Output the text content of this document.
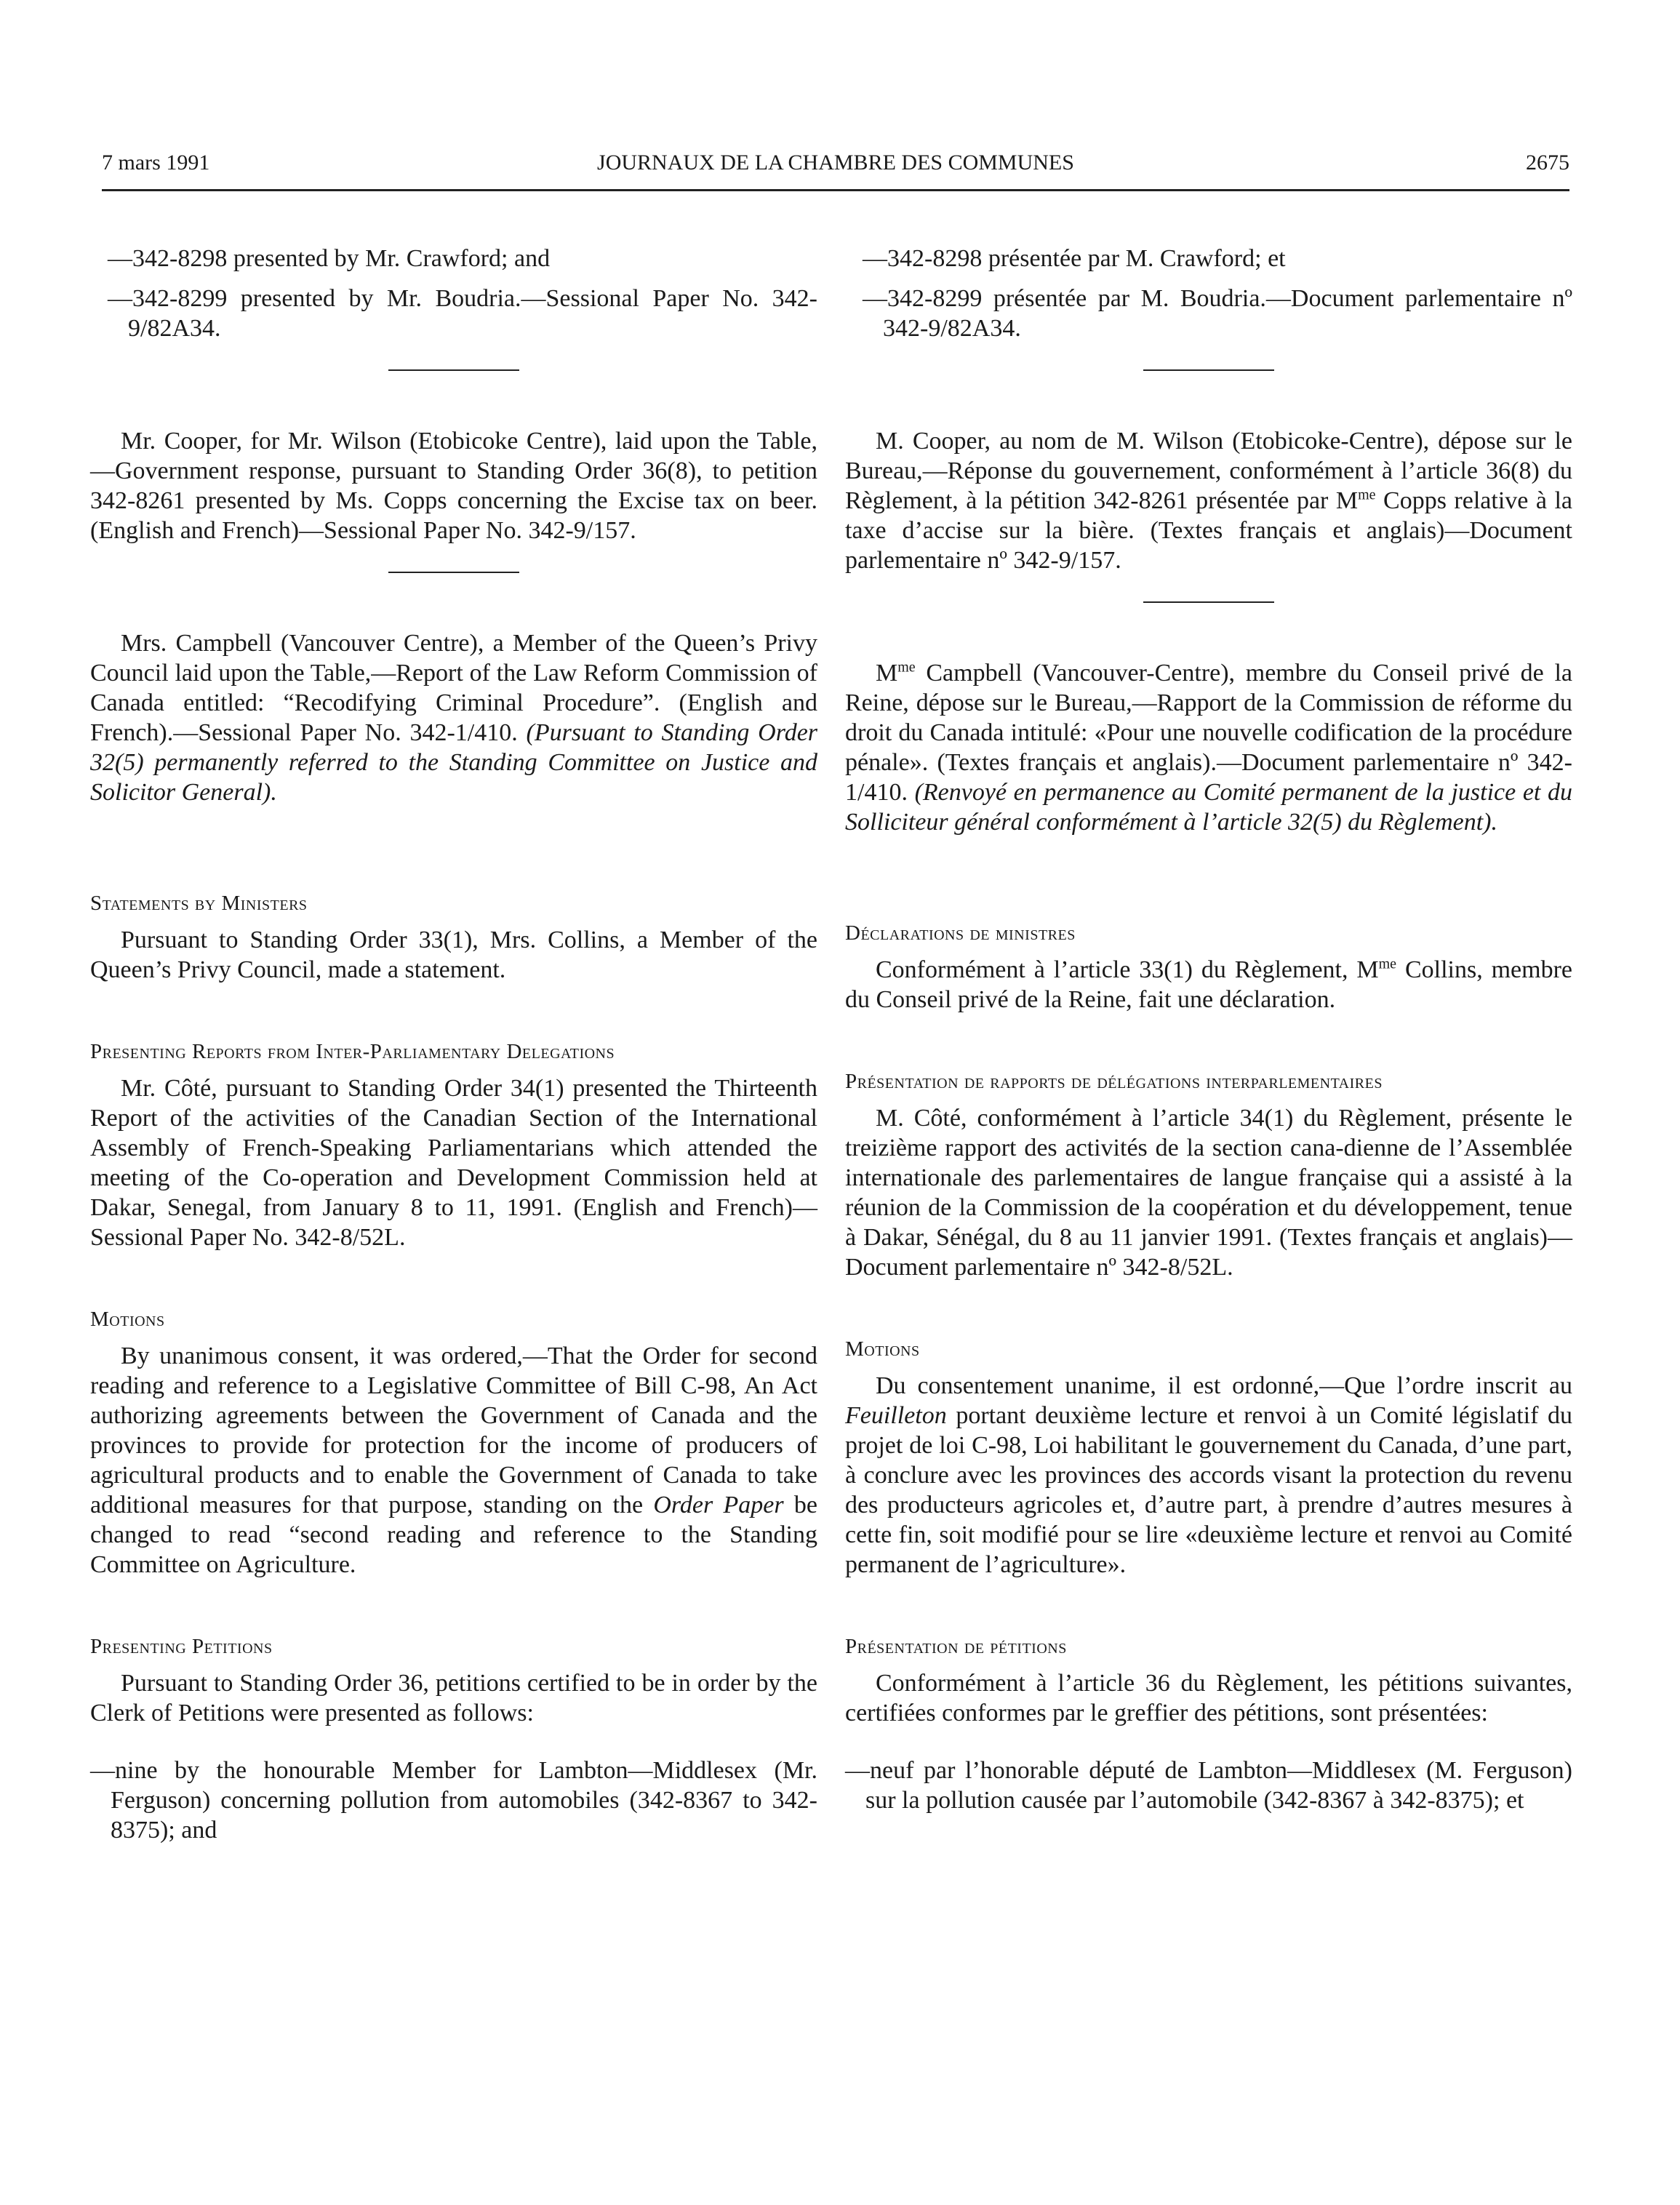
7 mars 1991	JOURNAUX DE LA CHAMBRE DES COMMUNES	2675

—342-8298 presented by Mr. Crawford; and

—342-8299 presented by Mr. Boudria.—Sessional Paper No. 342-9/82A34.

Mr. Cooper, for Mr. Wilson (Etobicoke Centre), laid upon the Table,—Government response, pursuant to Standing Order 36(8), to petition 342-8261 presented by Ms. Copps concerning the Excise tax on beer. (English and French)—Sessional Paper No. 342-9/157.

Mrs. Campbell (Vancouver Centre), a Member of the Queen’s Privy Council laid upon the Table,—Report of the Law Reform Commission of Canada entitled: “Recodifying Criminal Procedure”. (English and French).—Sessional Paper No. 342-1/410. (Pursuant to Standing Order 32(5) permanently referred to the Standing Committee on Justice and Solicitor General).

Statements by Ministers

Pursuant to Standing Order 33(1), Mrs. Collins, a Member of the Queen’s Privy Council, made a statement.

Presenting Reports from Inter-Parliamentary Delegations

Mr. Côté, pursuant to Standing Order 34(1) presented the Thirteenth Report of the activities of the Canadian Section of the International Assembly of French-Speaking Parliamentarians which attended the meeting of the Co-operation and Development Commission held at Dakar, Senegal, from January 8 to 11, 1991. (English and French)—Sessional Paper No. 342-8/52L.

Motions

By unanimous consent, it was ordered,—That the Order for second reading and reference to a Legislative Committee of Bill C-98, An Act authorizing agreements between the Government of Canada and the provinces to provide for protection for the income of producers of agricultural products and to enable the Government of Canada to take additional measures for that purpose, standing on the Order Paper be changed to read “second reading and reference to the Standing Committee on Agriculture.

Presenting Petitions

Pursuant to Standing Order 36, petitions certified to be in order by the Clerk of Petitions were presented as follows:

—nine by the honourable Member for Lambton—Middlesex (Mr. Ferguson) concerning pollution from automobiles (342-8367 to 342-8375); and

—342-8298 présentée par M. Crawford; et

—342-8299 présentée par M. Boudria.—Document parlementaire nº 342-9/82A34.

M. Cooper, au nom de M. Wilson (Etobicoke-Centre), dépose sur le Bureau,—Réponse du gouvernement, conformément à l’article 36(8) du Règlement, à la pétition 342-8261 présentée par $M^{me}$ Copps relative à la taxe d’accise sur la bière. (Textes français et anglais)—Document parlementaire nº 342-9/157.

$M^{me}$ Campbell (Vancouver-Centre), membre du Conseil privé de la Reine, dépose sur le Bureau,—Rapport de la Commission de réforme du droit du Canada intitulé: «Pour une nouvelle codification de la procédure pénale». (Textes français et anglais).—Document parlementaire nº 342-1/410. (Renvoyé en permanence au Comité permanent de la justice et du Solliciteur général conformément à l’article 32(5) du Règlement).

Déclarations de ministres

Conformément à l’article 33(1) du Règlement, $M^{me}$ Collins, membre du Conseil privé de la Reine, fait une déclaration.

Présentation de rapports de délégations interparlementaires

M. Côté, conformément à l’article 34(1) du Règlement, présente le treizième rapport des activités de la section cana-dienne de l’Assemblée internationale des parlementaires de langue française qui a assisté à la réunion de la Commission de la coopération et du développement, tenue à Dakar, Sénégal, du 8 au 11 janvier 1991. (Textes français et anglais)—Document parlementaire nº 342-8/52L.

Motions

Du consentement unanime, il est ordonné,—Que l’ordre inscrit au Feuilleton portant deuxième lecture et renvoi à un Comité législatif du projet de loi C-98, Loi habilitant le gouvernement du Canada, d’une part, à conclure avec les provinces des accords visant la protection du revenu des producteurs agricoles et, d’autre part, à prendre d’autres mesures à cette fin, soit modifié pour se lire «deuxième lecture et renvoi au Comité permanent de l’agriculture».

Présentation de pétitions

Conformément à l’article 36 du Règlement, les pétitions suivantes, certifiées conformes par le greffier des pétitions, sont présentées:

—neuf par l’honorable député de Lambton—Middlesex (M. Ferguson) sur la pollution causée par l’automobile (342-8367 à 342-8375); et
